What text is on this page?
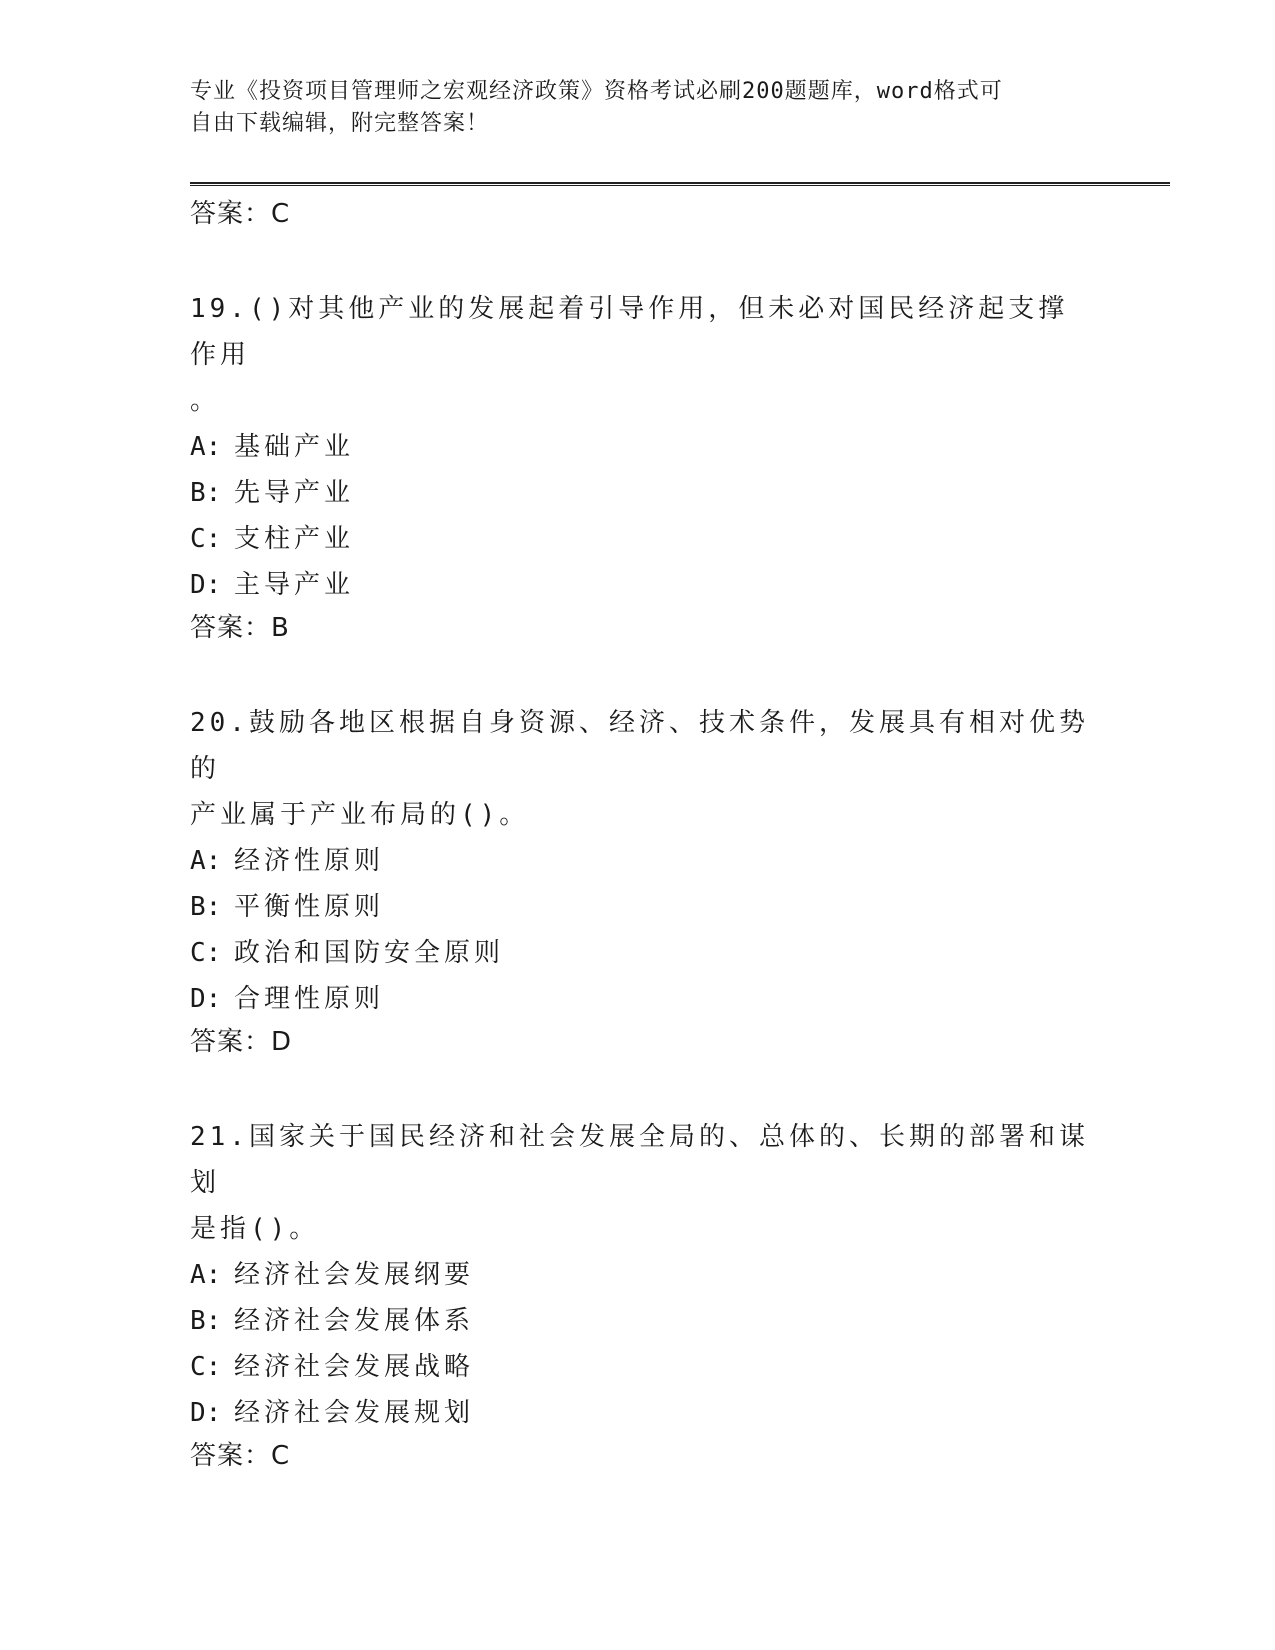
专业《投资项目管理师之宏观经济政策》资格考试必刷200题题库，word格式可
自由下载编辑，附完整答案！

答案：C

19.()对其他产业的发展起着引导作用，但未必对国民经济起支撑作用
。

A: 基础产业

B: 先导产业

C: 支柱产业

D: 主导产业

答案：B

20.鼓励各地区根据自身资源、经济、技术条件，发展具有相对优势的
产业属于产业布局的()。

A: 经济性原则

B: 平衡性原则

C: 政治和国防安全原则

D: 合理性原则

答案：D

21.国家关于国民经济和社会发展全局的、总体的、长期的部署和谋划
是指()。

A: 经济社会发展纲要

B: 经济社会发展体系

C: 经济社会发展战略

D: 经济社会发展规划

答案：C
